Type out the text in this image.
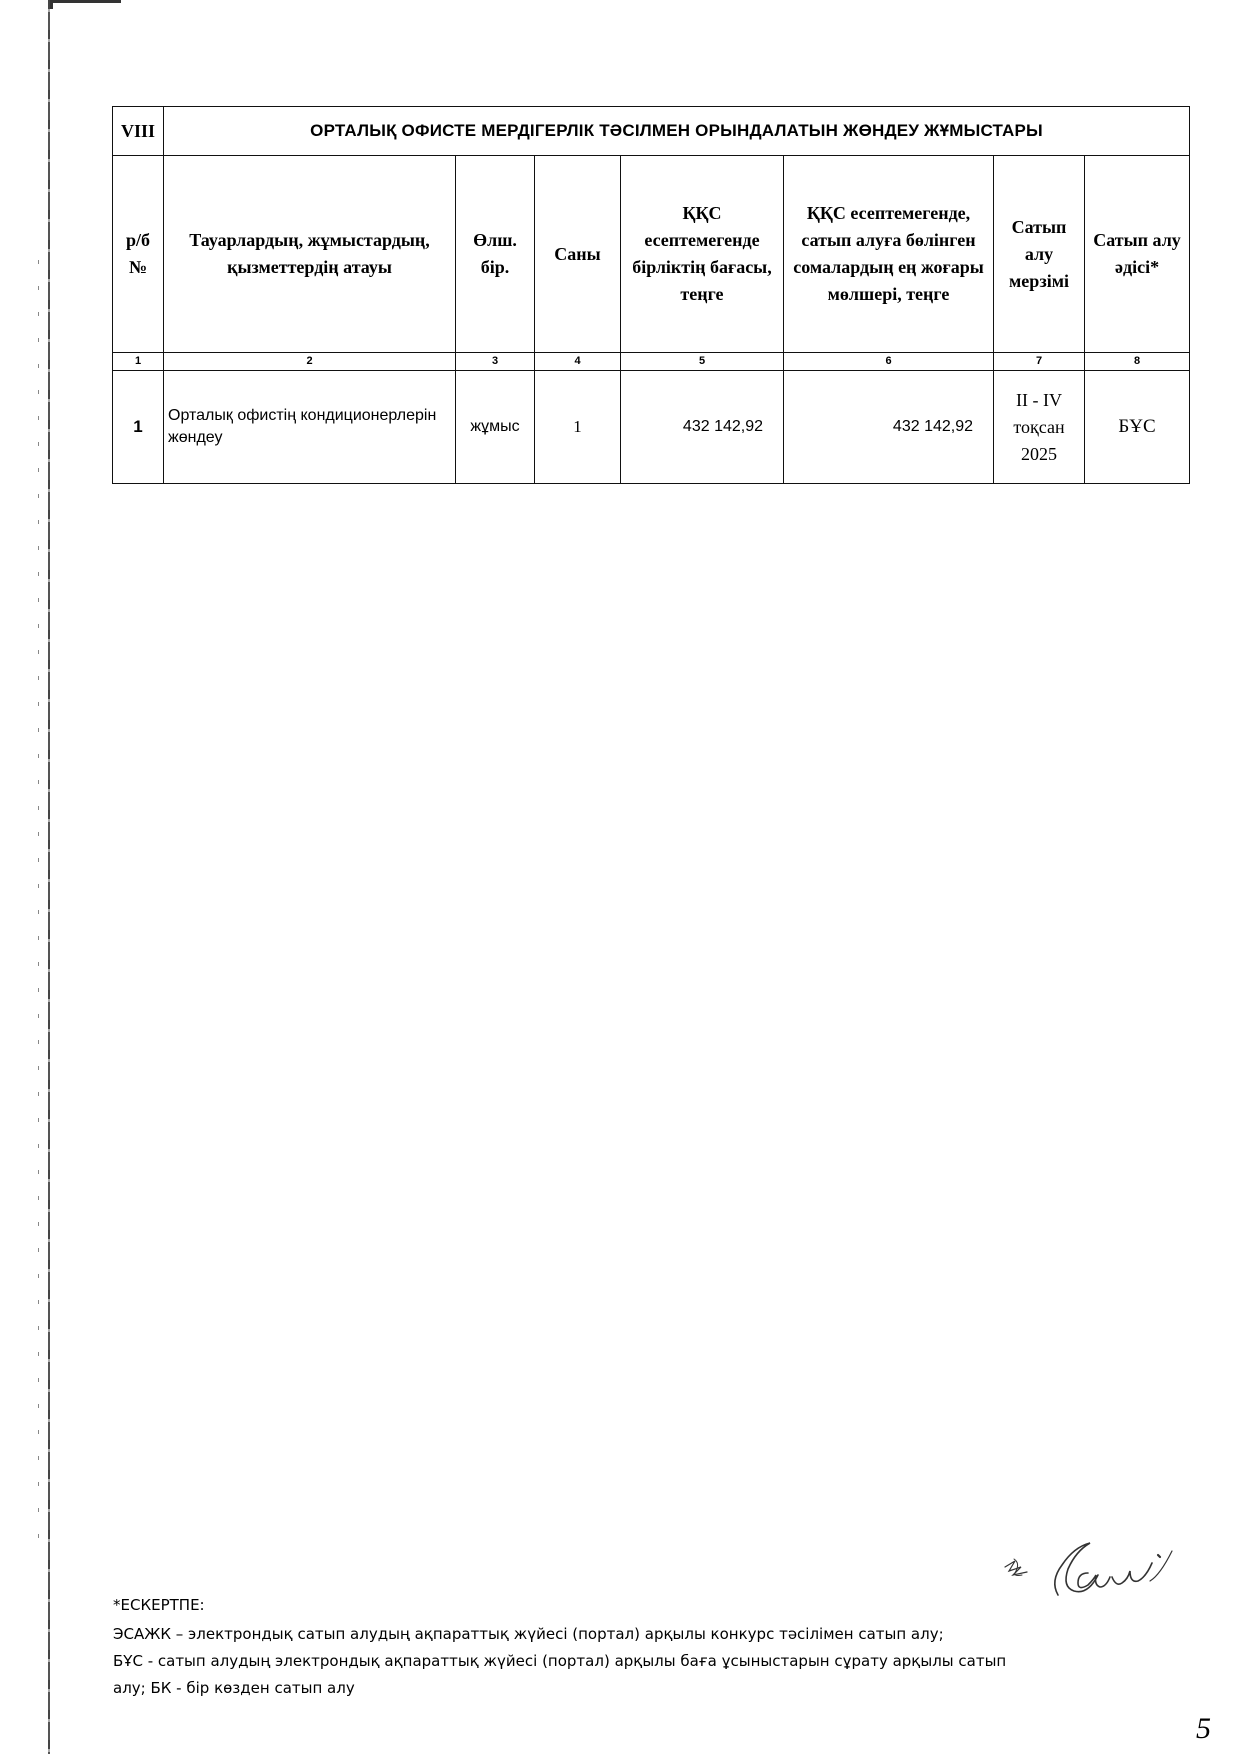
VIII	ОРТАЛЫҚ ОФИСТЕ МЕРДІГЕРЛІК ТӘСІЛМЕН ОРЫНДАЛАТЫН ЖӨНДЕУ ЖҰМЫСТАРЫ						
р/б №	Тауарлардың, жұмыстардың, қызметтердің атауы	Өлш. бір.	Саны	ҚҚС есептемегенде бірліктің бағасы, теңге	ҚҚС есептемегенде, сатып алуға бөлінген сомалардың ең жоғары мөлшері, теңге	Сатып алу мерзімі	Сатып алу әдісі*
1	2	3	4	5	6	7	8
1	Орталық офистің кондиционерлерін жөндеу	жұмыс	1	432 142,92	432 142,92	II - IV тоқсан 2025	БҰС
*ЕСКЕРТПЕ:
ЭСАЖК – электрондық сатып алудың ақпараттық жүйесі (портал) арқылы конкурс тәсілімен сатып алу;
БҰС - сатып алудың электрондық ақпараттық жүйесі (портал) арқылы баға ұсыныстарын сұрату арқылы сатып
алу; БК - бір көзден сатып алу
5
